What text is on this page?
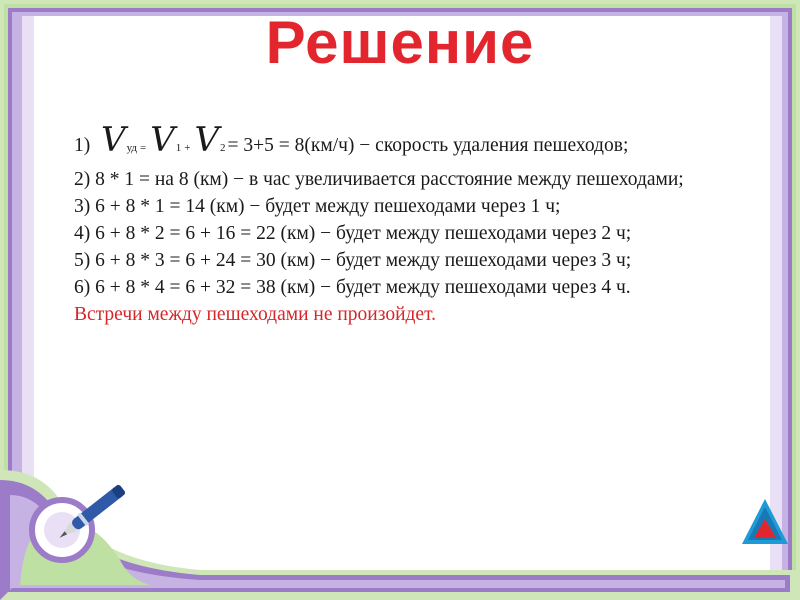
Решение
1)
V уд = V 1 + V 2 = 3+5 = 8(км/ч) − скорость удаления пешеходов;
2) 8 * 1 = на 8 (км) − в час увеличивается расстояние между пешеходами;
3) 6 + 8 * 1 = 14 (км) − будет между пешеходами через 1 ч;
4) 6 + 8 * 2 = 6 + 16 = 22 (км) − будет между пешеходами через 2 ч;
5) 6 + 8 * 3 = 6 + 24 = 30 (км) − будет между пешеходами через 3 ч;
6) 6 + 8 * 4 = 6 + 32 = 38 (км) − будет между пешеходами через 4 ч.
Встречи между пешеходами не произойдет.
